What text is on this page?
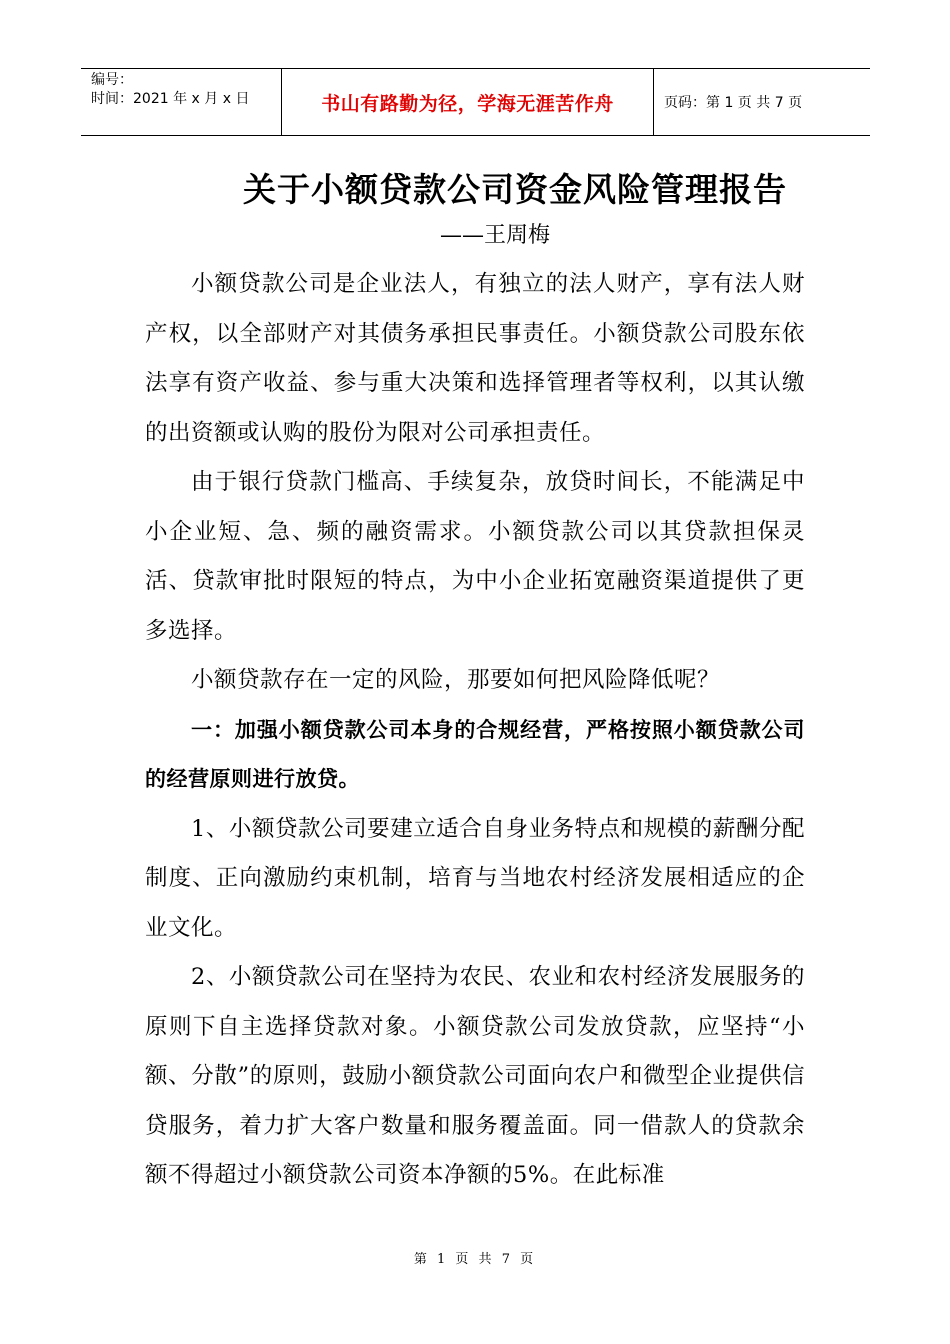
编号：
时间：2021 年 x 月 x 日	书山有路勤为径，学海无涯苦作舟	页码：第 1 页 共 7 页
关于小额贷款公司资金风险管理报告
——王周梅

小额贷款公司是企业法人，有独立的法人财产，享有法人财产权，以全部财产对其债务承担民事责任。小额贷款公司股东依法享有资产收益、参与重大决策和选择管理者等权利，以其认缴的出资额或认购的股份为限对公司承担责任。

由于银行贷款门槛高、手续复杂，放贷时间长，不能满足中小企业短、急、频的融资需求。小额贷款公司以其贷款担保灵活、贷款审批时限短的特点，为中小企业拓宽融资渠道提供了更多选择。

小额贷款存在一定的风险，那要如何把风险降低呢？

一：加强小额贷款公司本身的合规经营，严格按照小额贷款公司的经营原则进行放贷。

1、小额贷款公司要建立适合自身业务特点和规模的薪酬分配制度、正向激励约束机制，培育与当地农村经济发展相适应的企业文化。

2、小额贷款公司在坚持为农民、农业和农村经济发展服务的原则下自主选择贷款对象。小额贷款公司发放贷款，应坚持“小额、分散”的原则，鼓励小额贷款公司面向农户和微型企业提供信贷服务，着力扩大客户数量和服务覆盖面。同一借款人的贷款余额不得超过小额贷款公司资本净额的5%。在此标准

第 1 页 共 7 页
